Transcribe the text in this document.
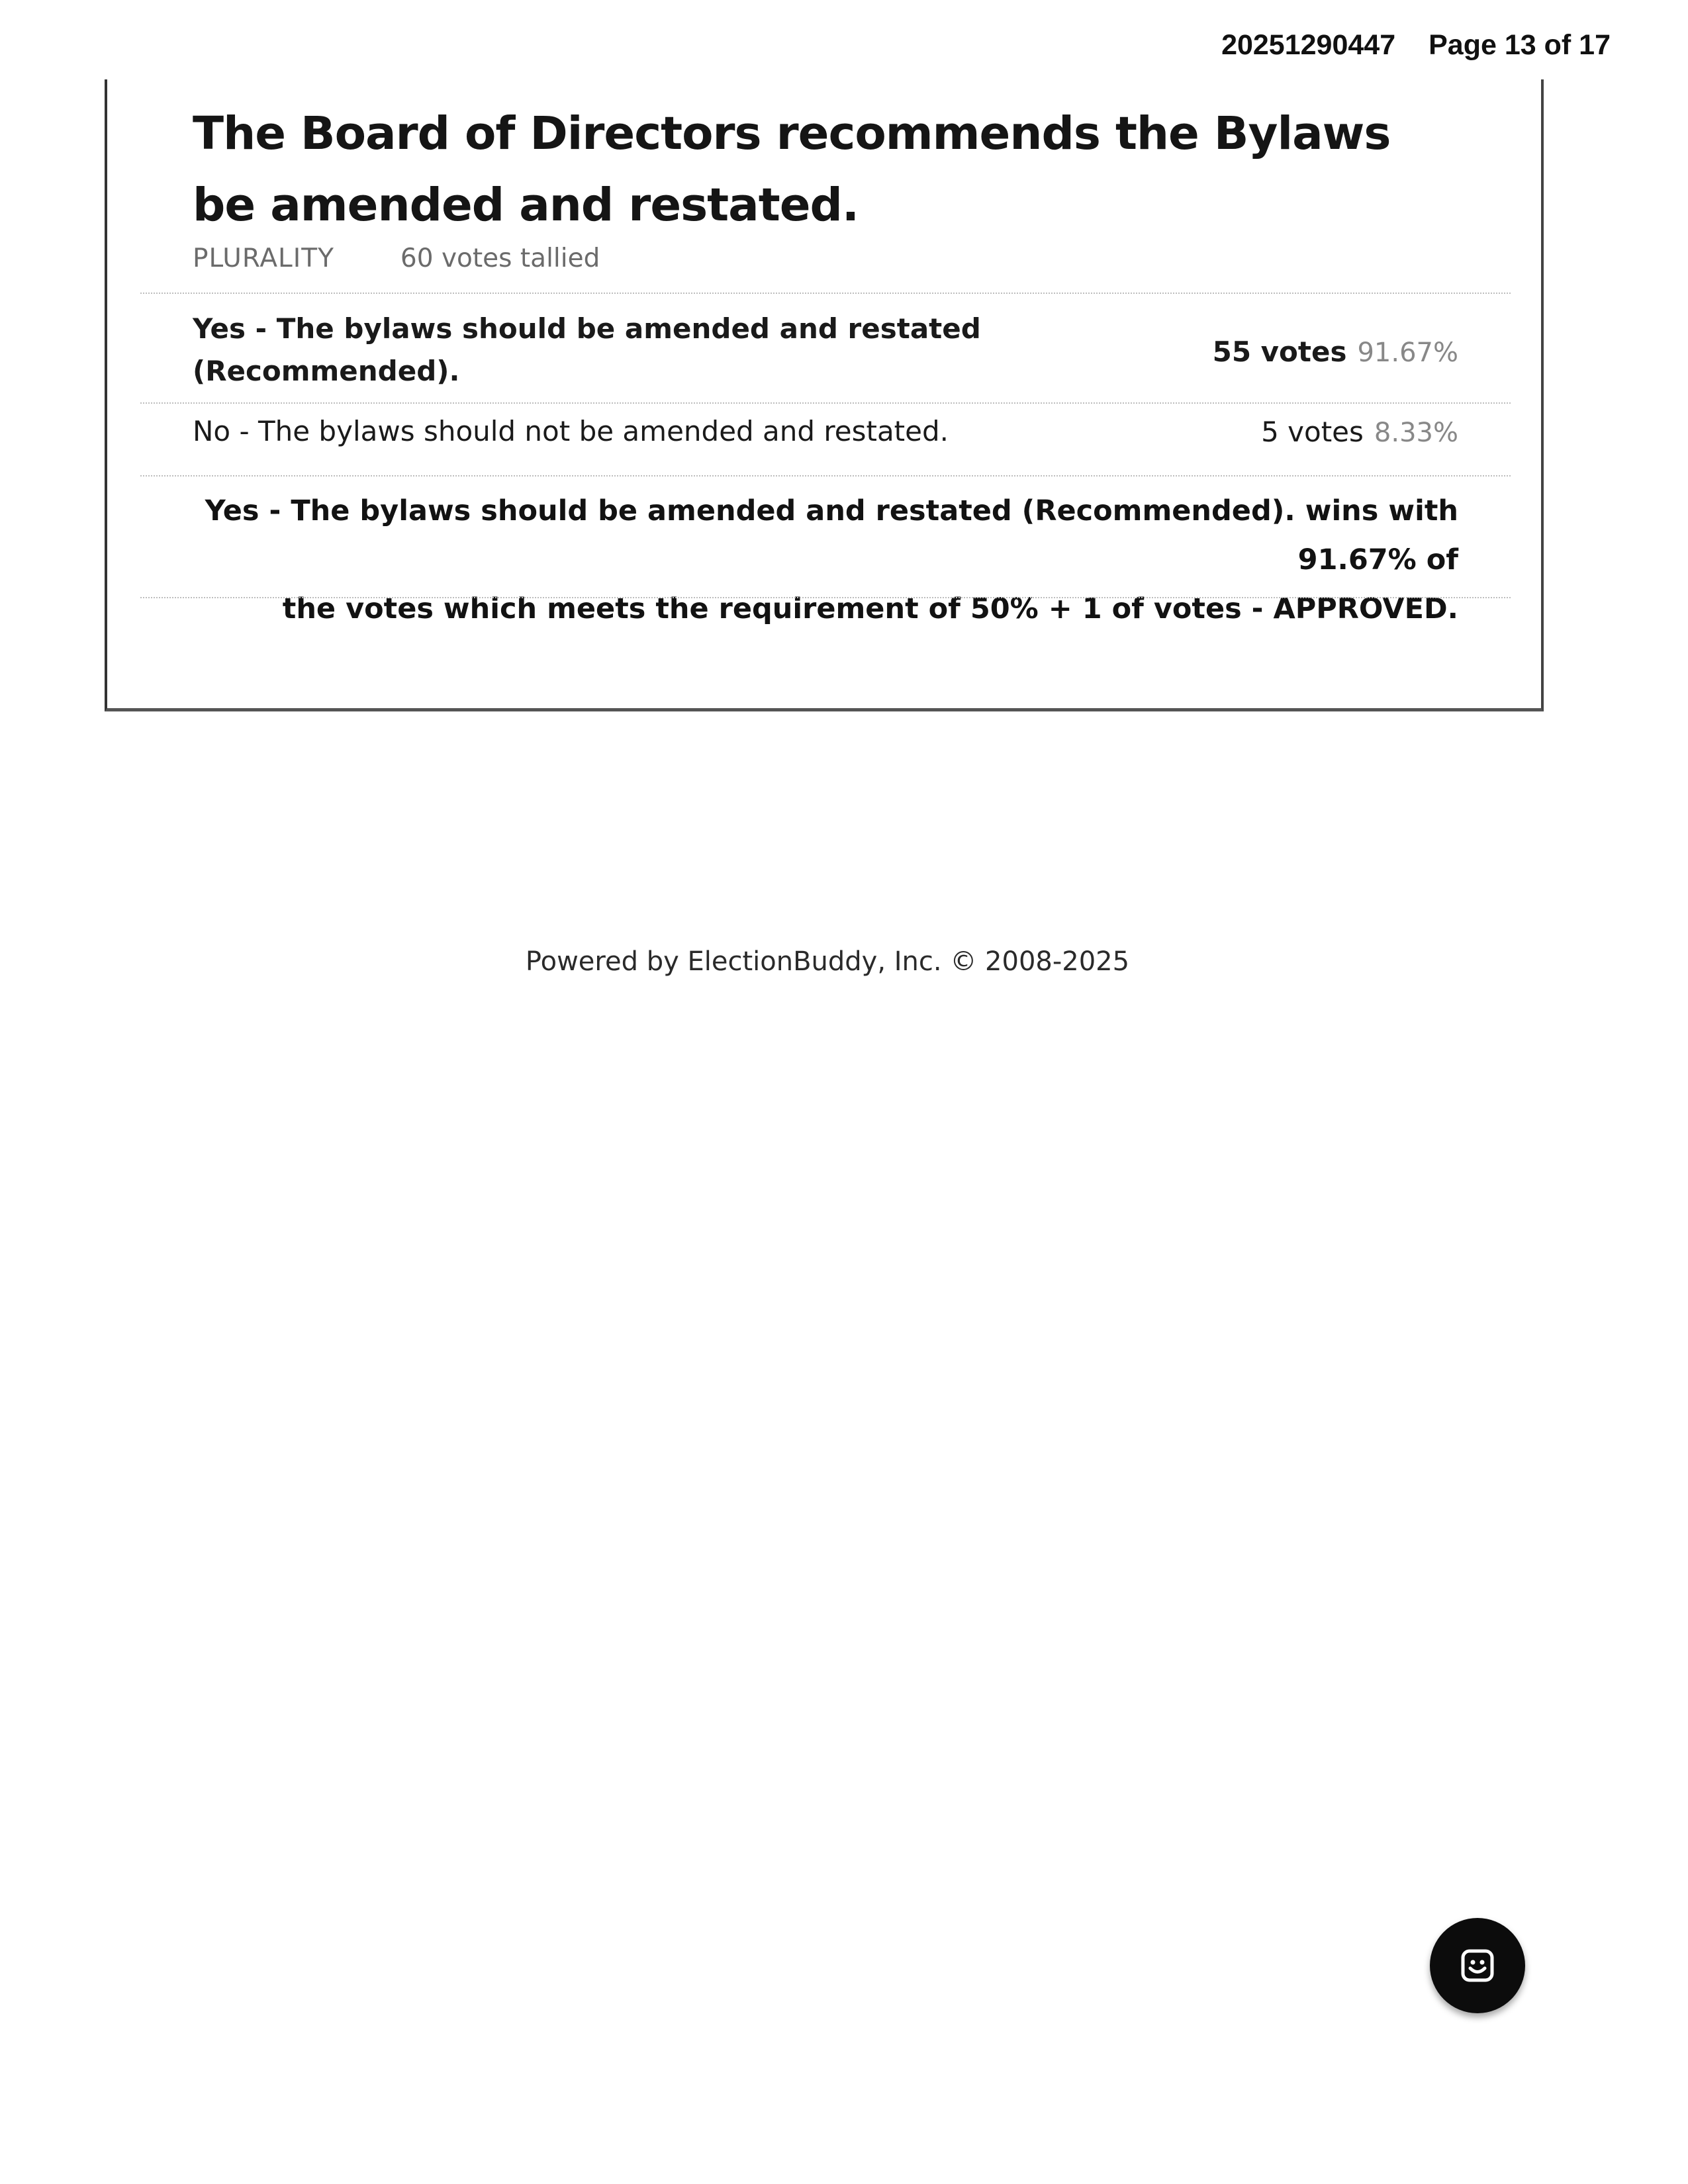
20251290447 Page 13 of 17
The Board of Directors recommends the Bylaws be amended and restated.
PLURALITY	60 votes tallied
Yes - The bylaws should be amended and restated (Recommended).
55 votes 91.67%
No - The bylaws should not be amended and restated.	5 votes 8.33%
Yes - The bylaws should be amended and restated (Recommended). wins with 91.67% of
the votes which meets the requirement of 50% + 1 of votes - APPROVED.
Powered by ElectionBuddy, Inc. © 2008-2025
